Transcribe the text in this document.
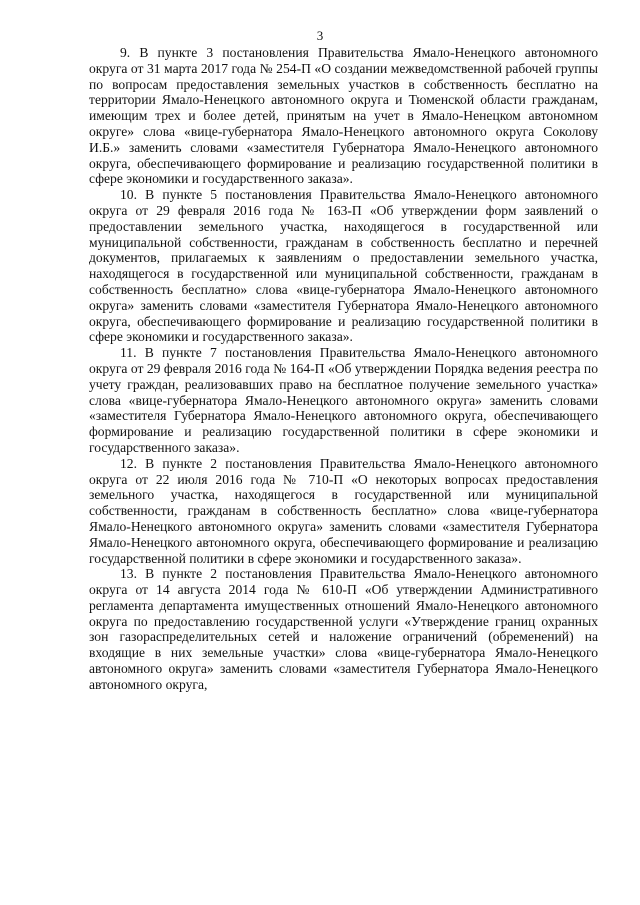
3

9. В пункте 3 постановления Правительства Ямало-Ненецкого автономного округа от 31 марта 2017 года № 254-П «О создании межведомственной рабочей группы по вопросам предоставления земельных участков в собственность бесплатно на территории Ямало-Ненецкого автономного округа и Тюменской области гражданам, имеющим трех и более детей, принятым на учет в Ямало-Ненецком автономном округе» слова «вице-губернатора Ямало-Ненецкого автономного округа Соколову И.Б.» заменить словами «заместителя Губернатора Ямало-Ненецкого автономного округа, обеспечивающего формирование и реализацию государственной политики в сфере экономики и государственного заказа».

10. В пункте 5 постановления Правительства Ямало-Ненецкого автономного округа от 29 февраля 2016 года № 163-П «Об утверждении форм заявлений о предоставлении земельного участка, находящегося в государственной или муниципальной собственности, гражданам в собственность бесплатно и перечней документов, прилагаемых к заявлениям о предоставлении земельного участка, находящегося в государственной или муниципальной собственности, гражданам в собственность бесплатно» слова «вице-губернатора Ямало-Ненецкого автономного округа» заменить словами «заместителя Губернатора Ямало-Ненецкого автономного округа, обеспечивающего формирование и реализацию государственной политики в сфере экономики и государственного заказа».

11. В пункте 7 постановления Правительства Ямало-Ненецкого автономного округа от 29 февраля 2016 года № 164-П «Об утверждении Порядка ведения реестра по учету граждан, реализовавших право на бесплатное получение земельного участка» слова «вице-губернатора Ямало-Ненецкого автономного округа» заменить словами «заместителя Губернатора Ямало-Ненецкого автономного округа, обеспечивающего формирование и реализацию государственной политики в сфере экономики и государственного заказа».

12. В пункте 2 постановления Правительства Ямало-Ненецкого автономного округа от 22 июля 2016 года № 710-П «О некоторых вопросах предоставления земельного участка, находящегося в государственной или муниципальной собственности, гражданам в собственность бесплатно» слова «вице-губернатора Ямало-Ненецкого автономного округа» заменить словами «заместителя Губернатора Ямало-Ненецкого автономного округа, обеспечивающего формирование и реализацию государственной политики в сфере экономики и государственного заказа».

13. В пункте 2 постановления Правительства Ямало-Ненецкого автономного округа от 14 августа 2014 года № 610-П «Об утверждении Административного регламента департамента имущественных отношений Ямало-Ненецкого автономного округа по предоставлению государственной услуги «Утверждение границ охранных зон газораспределительных сетей и наложение ограничений (обременений) на входящие в них земельные участки» слова «вице-губернатора Ямало-Ненецкого автономного округа» заменить словами «заместителя Губернатора Ямало-Ненецкого автономного округа,
